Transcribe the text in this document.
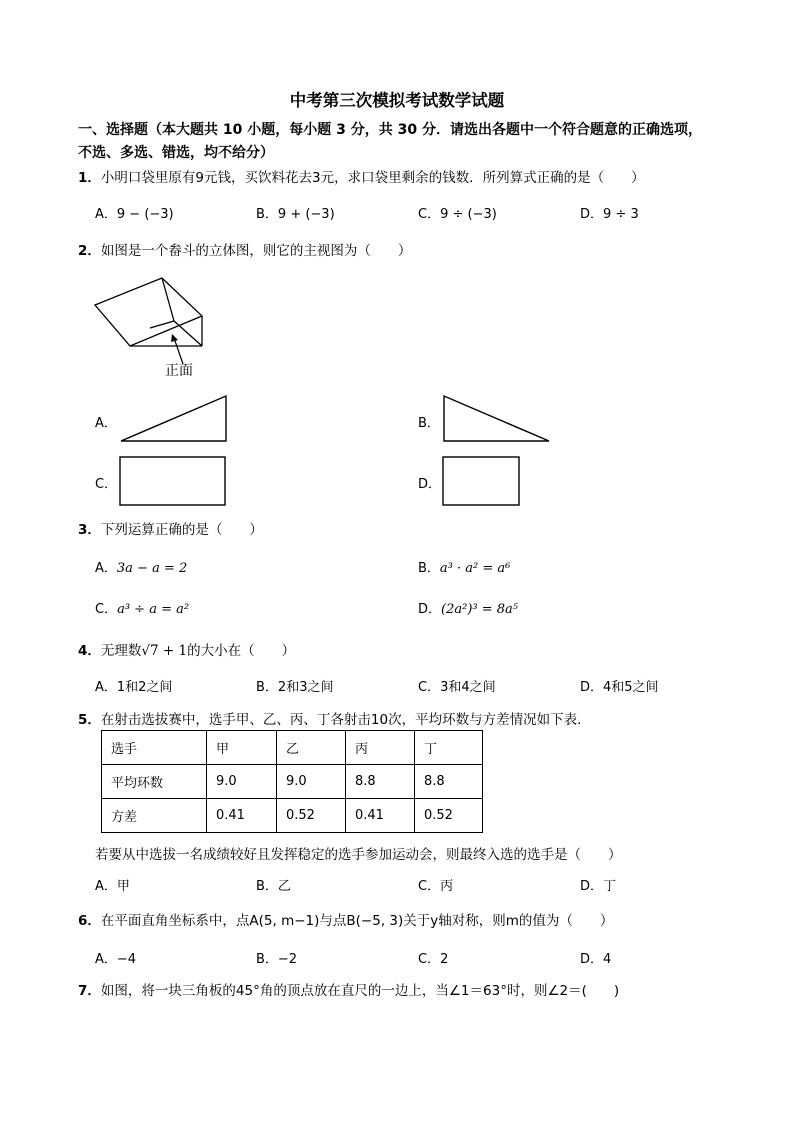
中考第三次模拟考试数学试题
一、选择题（本大题共 10 小题，每小题 3 分，共 30 分．请选出各题中一个符合题意的正确选项，
不选、多选、错选，均不给分）
1．小明口袋里原有9元钱，买饮料花去3元，求口袋里剩余的钱数．所列算式正确的是（　　）
A．9 − (−3)	B．9 + (−3)	C．9 ÷ (−3)	D．9 ÷ 3
2．如图是一个畚斗的立体图，则它的主视图为（　　）
正面
A．	B．
C．	D．
3．下列运算正确的是（　　）
A．3a − a = 2	B．a³ · a² = a⁶
C．a³ ÷ a = a²	D．(2a²)³ = 8a⁵
4．无理数√7 + 1的大小在（　　）
A．1和2之间	B．2和3之间	C．3和4之间	D．4和5之间
5．在射击选拔赛中，选手甲、乙、丙、丁各射击10次，平均环数与方差情况如下表．
选手	甲	乙	丙	丁
平均环数	9.0	9.0	8.8	8.8
方差	0.41	0.52	0.41	0.52
若要从中选拔一名成绩较好且发挥稳定的选手参加运动会，则最终入选的选手是（　　）
A．甲	B．乙	C．丙	D．丁
6．在平面直角坐标系中，点A(5, m−1)与点B(−5, 3)关于y轴对称，则m的值为（　　）
A．−4	B．−2	C．2	D．4
7．如图，将一块三角板的45°角的顶点放在直尺的一边上，当∠1＝63°时，则∠2＝(　　)
